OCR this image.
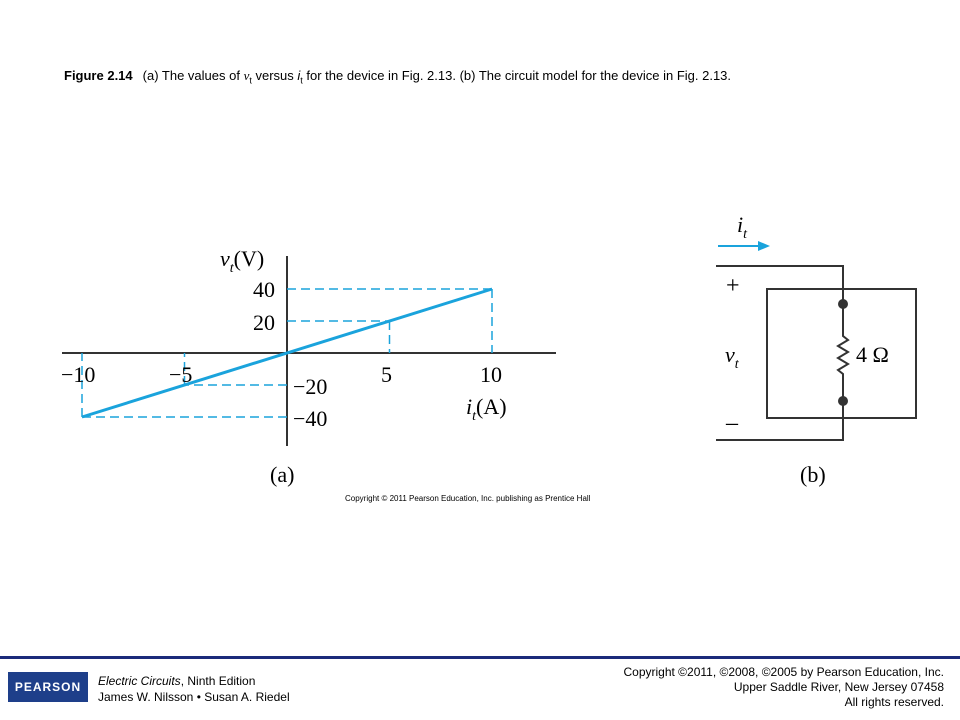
Figure 2.14 (a) The values of $v_t$ versus $i_t$ for the device in Fig. 2.13. (b) The circuit model for the device in Fig. 2.13.
$v_t(V)$
$i_t(A)$
−10	−5	5	10
40
20
−20
−40
(a)
$i_t$
4 Ω
+
–
$v_t$
(b)
Copyright © 2011 Pearson Education, Inc. publishing as Prentice Hall
PEARSON	Electric Circuits, Ninth Edition
James W. Nilsson • Susan A. Riedel
Copyright ©2011, ©2008, ©2005 by Pearson Education, Inc.
Upper Saddle River, New Jersey 07458
All rights reserved.
